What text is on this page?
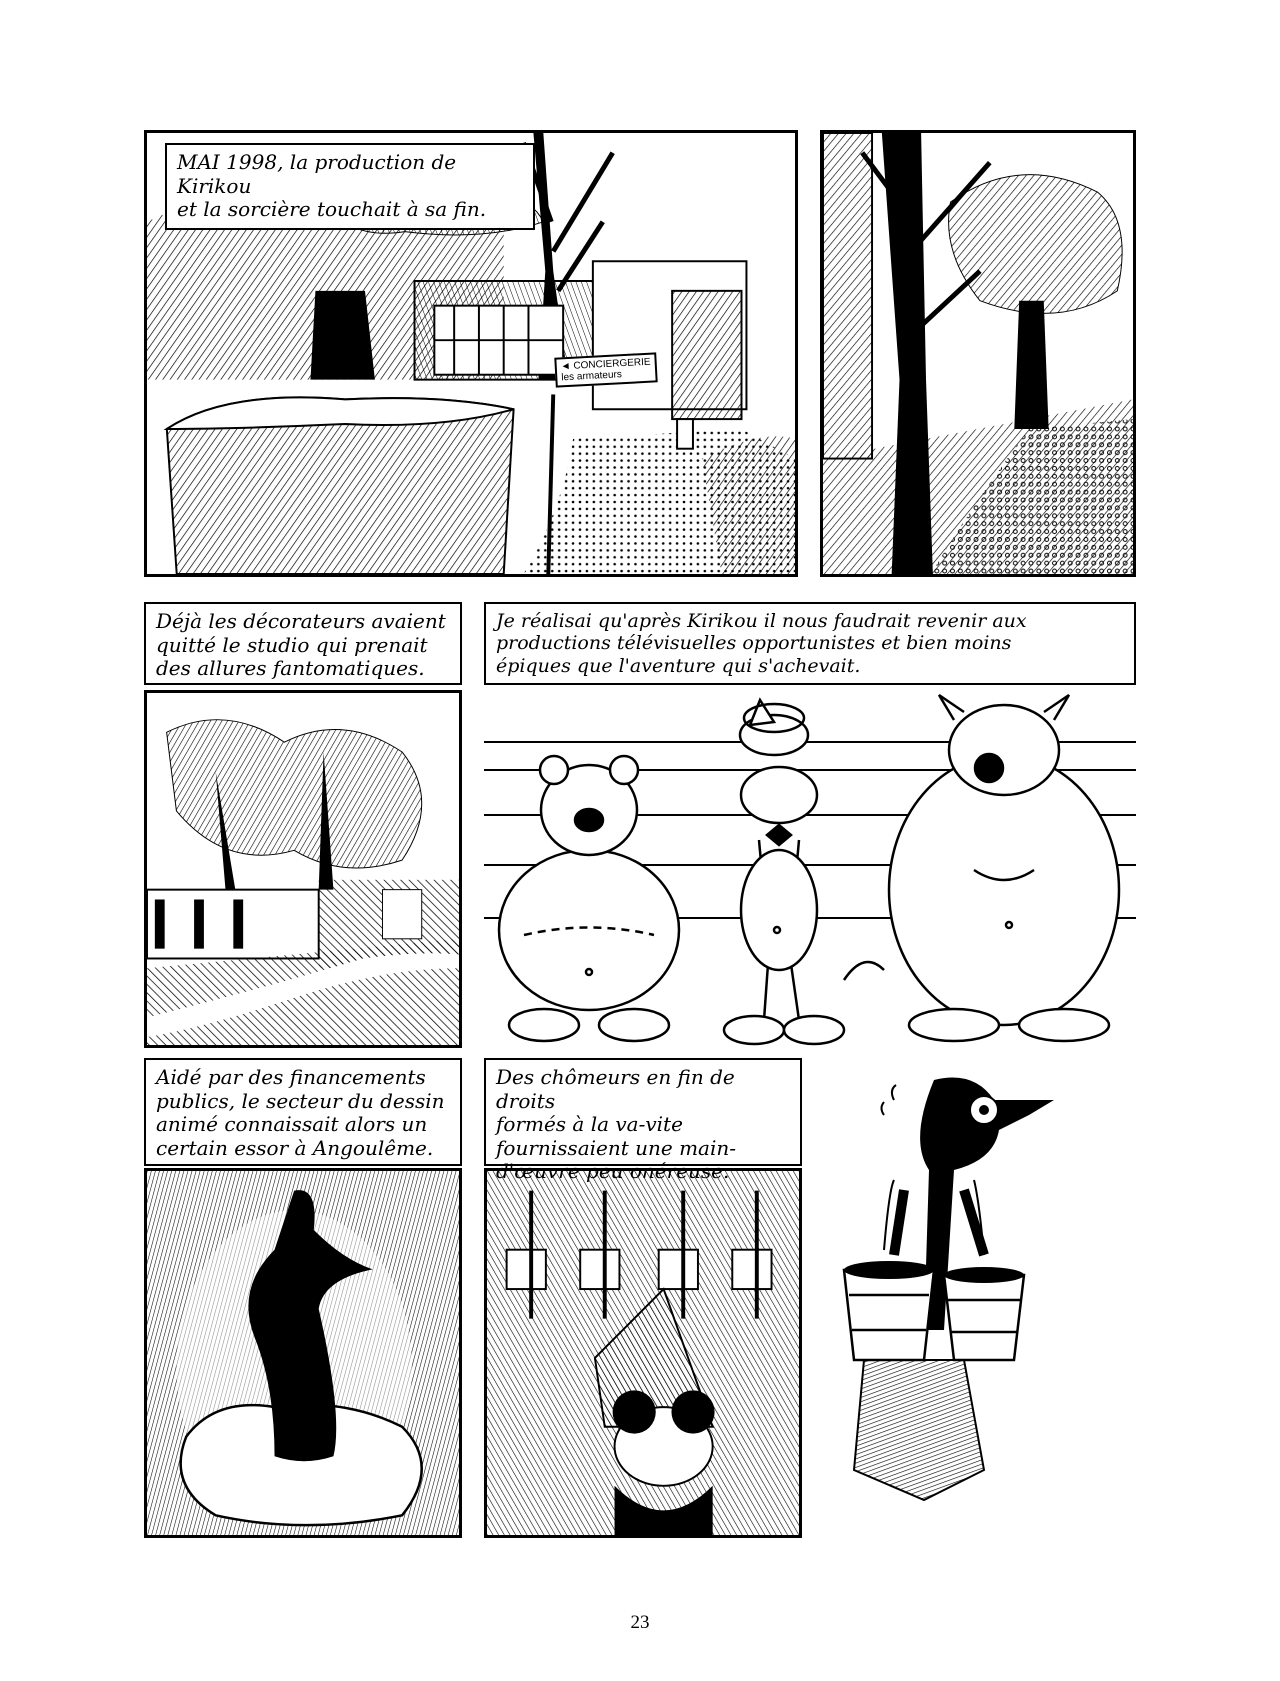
MAI 1998, la production de Kirikou
et la sorcière touchait à sa fin.
◄ CONCIERGERIE
les armateurs
Déjà les décorateurs avaient
quitté le studio qui prenait
des allures fantomatiques.
Je réalisai qu'après Kirikou il nous faudrait revenir aux
productions télévisuelles opportunistes et bien moins
épiques que l'aventure qui s'achevait.
Aidé par des financements
publics, le secteur du dessin
animé connaissait alors un
certain essor à Angoulême.
Des chômeurs en fin de droits
formés à la va-vite
fournissaient une main-
d'œuvre peu onéreuse.
23
